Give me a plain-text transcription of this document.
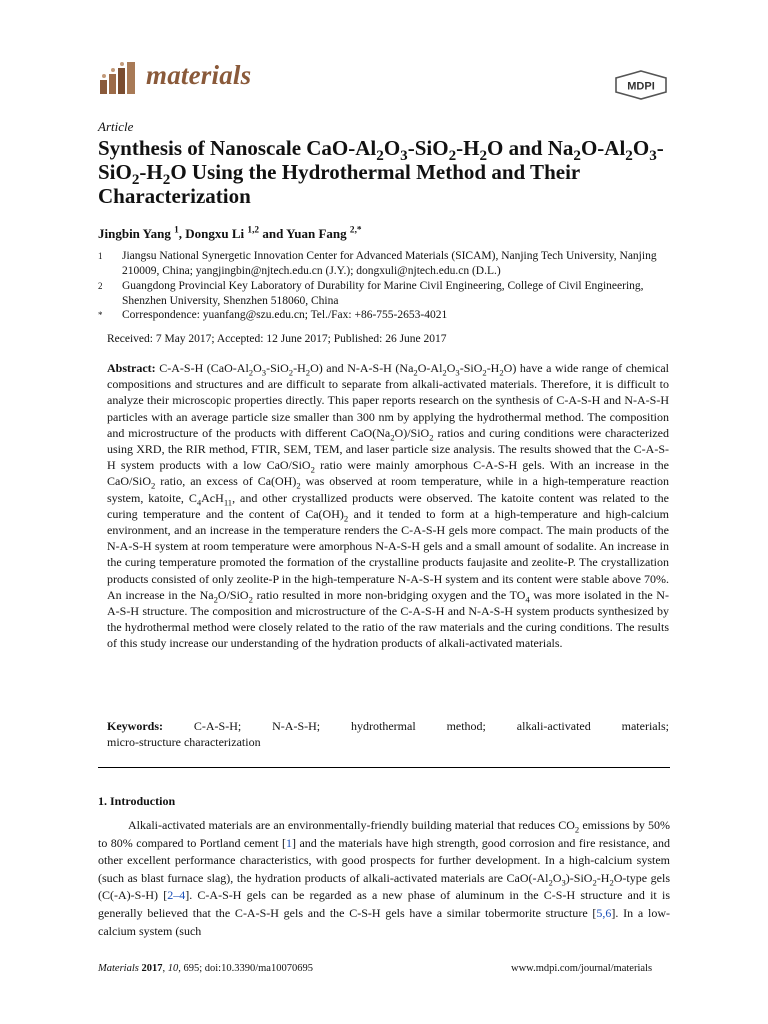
materials	MDPI
Article
Synthesis of Nanoscale CaO-$Al_2O_3-SiO_2-H_2O$ and $Na_2O-Al_2O_3-SiO_2-H_2O$ Using the Hydrothermal Method and Their Characterization
Jingbin Yang $^1$, Dongxu Li $^{1,2}$ and Yuan Fang $^{2,*}$
1 Jiangsu National Synergetic Innovation Center for Advanced Materials (SICAM), Nanjing Tech University, Nanjing 210009, China; yangjingbin@njtech.edu.cn (J.Y.); dongxuli@njtech.edu.cn (D.L.)
2 Guangdong Provincial Key Laboratory of Durability for Marine Civil Engineering, College of Civil Engineering, Shenzhen University, Shenzhen 518060, China
* Correspondence: yuanfang@szu.edu.cn; Tel./Fax: +86-755-2653-4021
Received: 7 May 2017; Accepted: 12 June 2017; Published: 26 June 2017
Abstract: C-A-S-H $(CaO-Al_2O_3-SiO_2-H_2O)$ and N-A-S-H $(Na_2O-Al_2O_3-SiO_2-H_2O)$ have a wide range of chemical compositions and structures and are difficult to separate from alkali-activated materials. Therefore, it is difficult to analyze their microscopic properties directly. This paper reports research on the synthesis of C-A-S-H and N-A-S-H particles with an average particle size smaller than 300 nm by applying the hydrothermal method. The composition and microstructure of the products with different $CaO(Na_2O)/SiO_2$ ratios and curing conditions were characterized using XRD, the RIR method, FTIR, SEM, TEM, and laser particle size analysis. The results showed that the C-A-S-H system products with a low CaO/SiO$_2$ ratio were mainly amorphous C-A-S-H gels. With an increase in the CaO/SiO$_2$ ratio, an excess of $Ca(OH)_2$ was observed at room temperature, while in a high-temperature reaction system, katoite, $C_4AcH_{11}$, and other crystallized products were observed. The katoite content was related to the curing temperature and the content of $Ca(OH)_2$ and it tended to form at a high-temperature and high-calcium environment, and an increase in the temperature renders the C-A-S-H gels more compact. The main products of the N-A-S-H system at room temperature were amorphous N-A-S-H gels and a small amount of sodalite. An increase in the curing temperature promoted the formation of the crystalline products faujasite and zeolite-P. The crystallization products consisted of only zeolite-P in the high-temperature N-A-S-H system and its content were stable above 70%. An increase in the $Na_2O/SiO_2$ ratio resulted in more non-bridging oxygen and the $TO_4$ was more isolated in the N-A-S-H structure. The composition and microstructure of the C-A-S-H and N-A-S-H system products synthesized by the hydrothermal method were closely related to the ratio of the raw materials and the curing conditions. The results of this study increase our understanding of the hydration products of alkali-activated materials.
Keywords:	C-A-S-H;	N-A-S-H;	hydrothermal	method;	alkali-activated	materials;
micro-structure characterization
1. Introduction
Alkali-activated materials are an environmentally-friendly building material that reduces $CO_2$ emissions by 50% to 80% compared to Portland cement [1] and the materials have high strength, good corrosion and fire resistance, and other excellent performance characteristics, with good prospects for further development. In a high-calcium system (such as blast furnace slag), the hydration products of alkali-activated materials are $CaO(-Al_2O_3)-SiO_2-H_2O$-type gels (C(-A)-S-H) [2–4]. C-A-S-H gels can be regarded as a new phase of aluminum in the C-S-H structure and it is generally believed that the C-A-S-H gels and the C-S-H gels have a similar tobermorite structure [5,6]. In a low-calcium system (such
Materials 2017, 10, 695; doi:10.3390/ma10070695	www.mdpi.com/journal/materials
